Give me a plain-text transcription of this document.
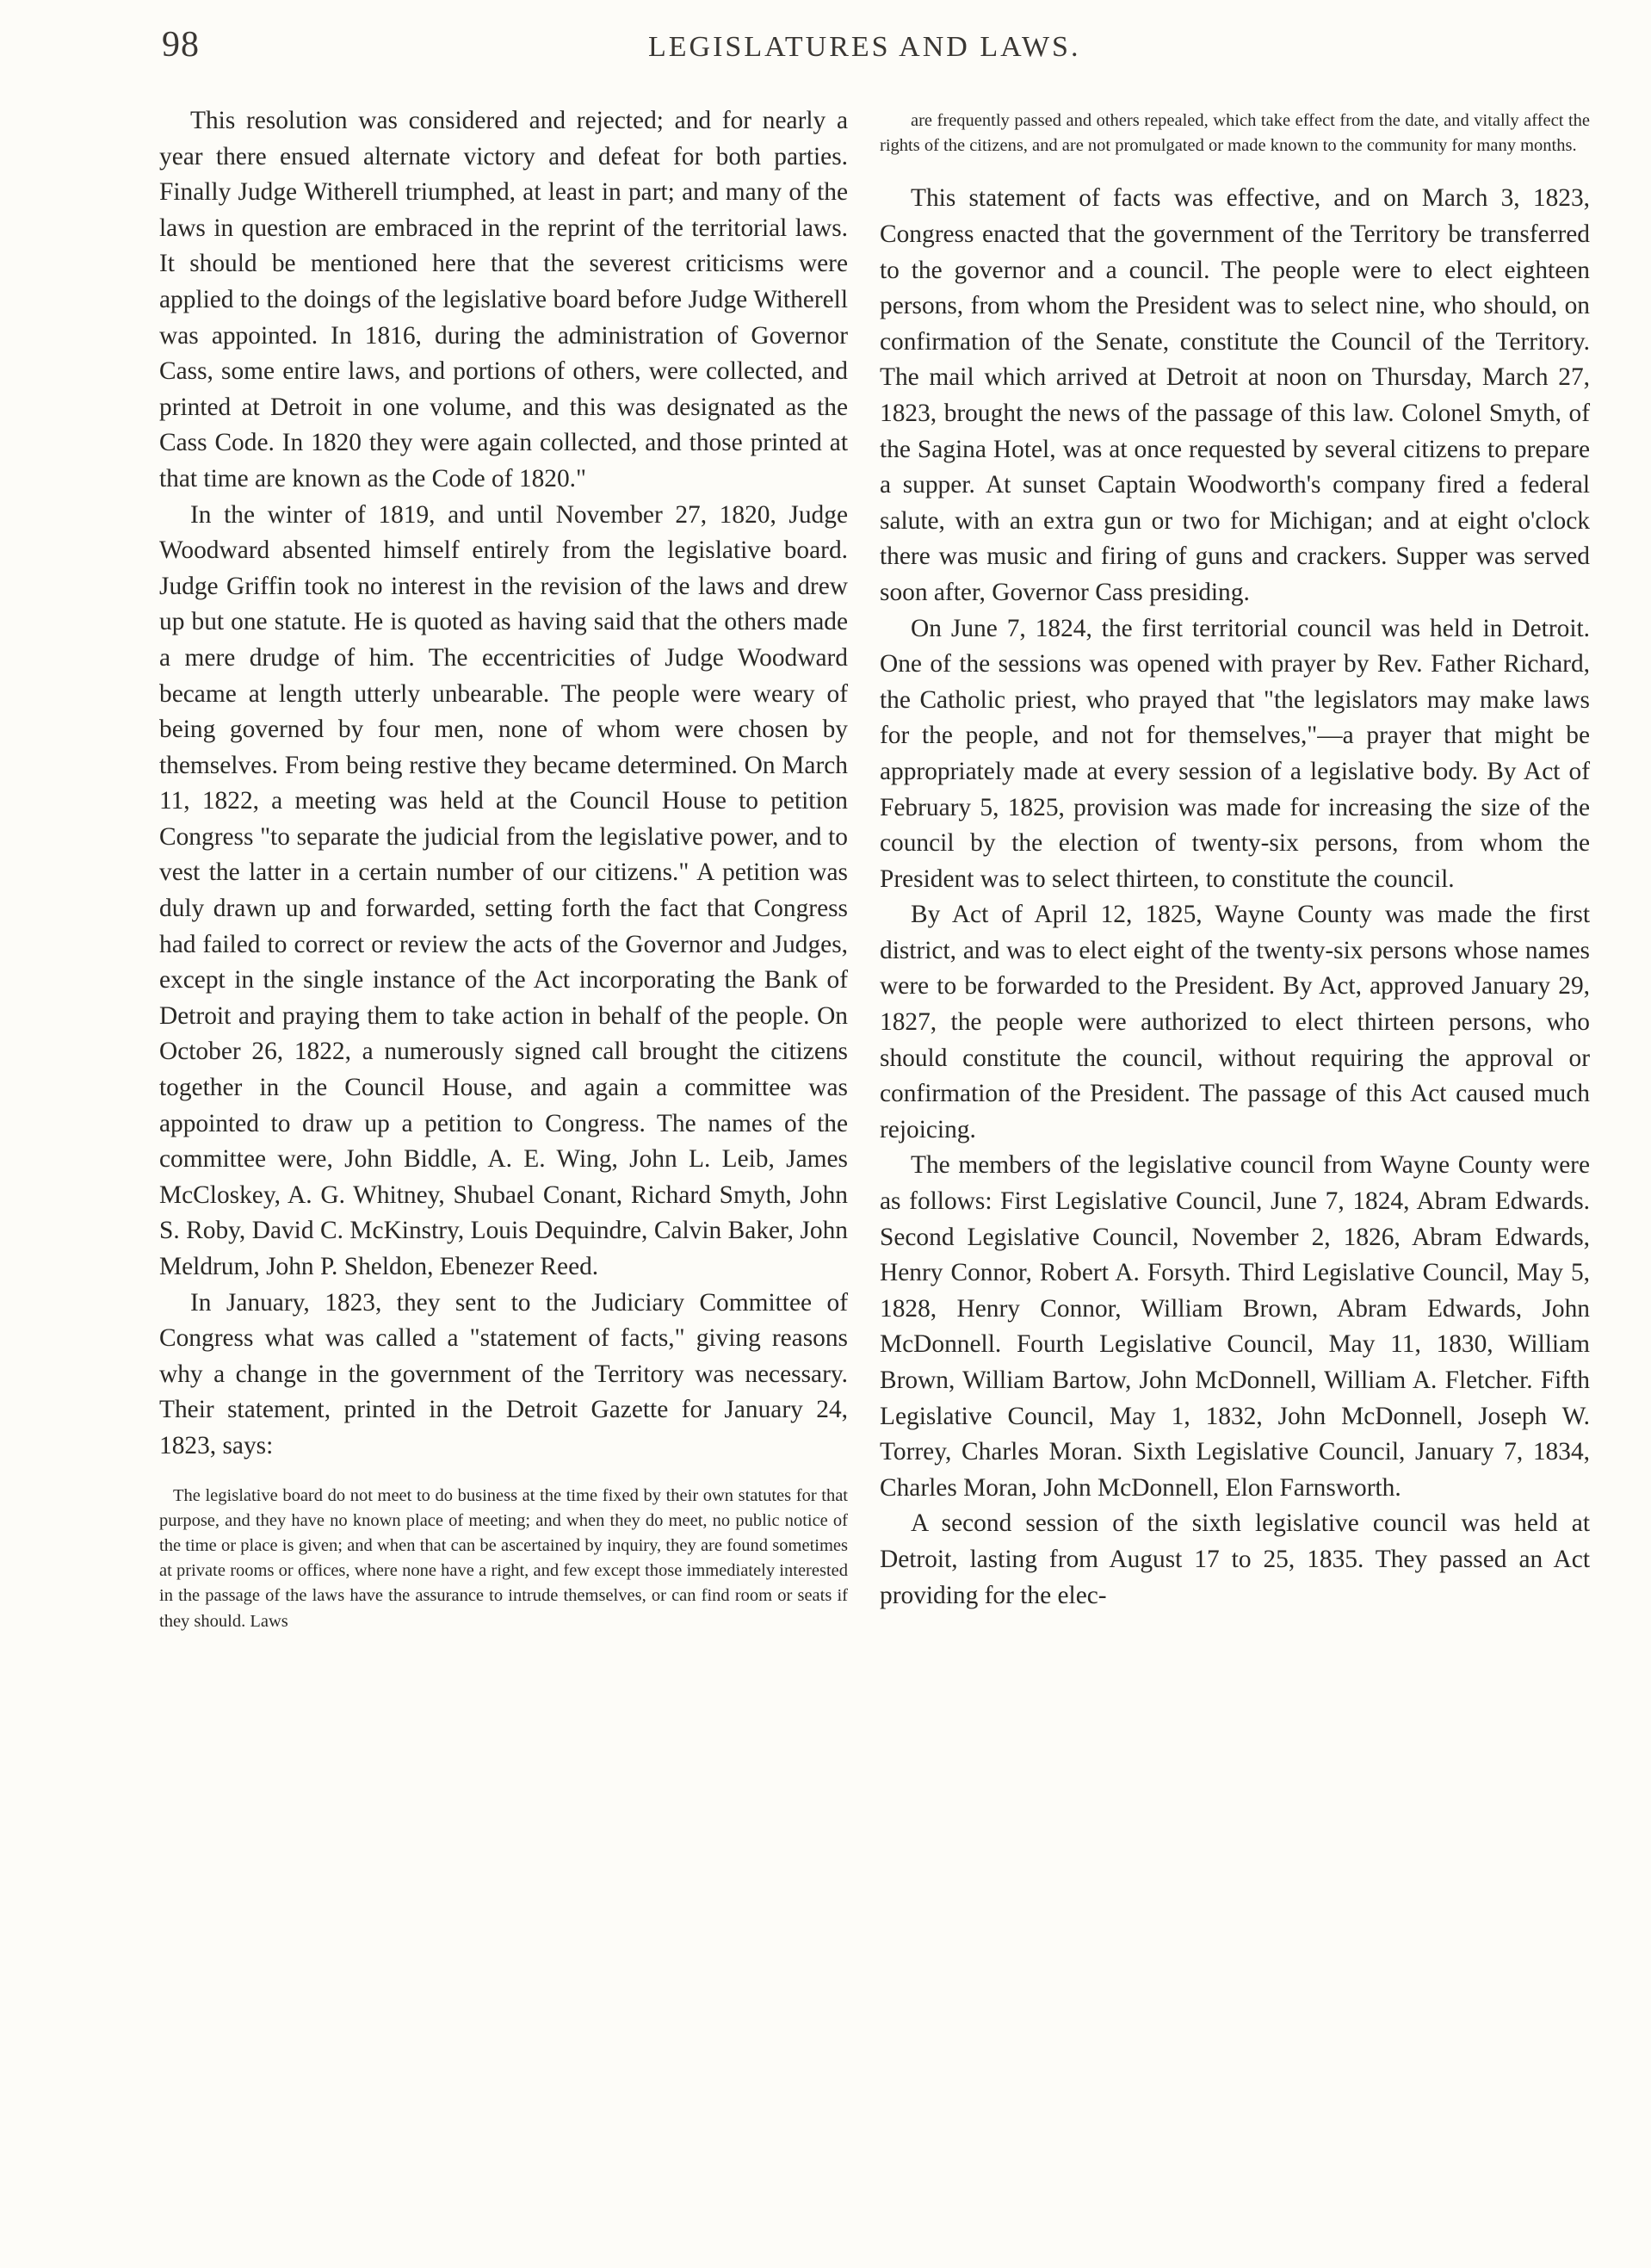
98	LEGISLATURES AND LAWS.

This resolution was considered and rejected; and for nearly a year there ensued alternate victory and defeat for both parties. Finally Judge Witherell triumphed, at least in part; and many of the laws in question are embraced in the reprint of the territorial laws. It should be mentioned here that the severest criticisms were applied to the doings of the legislative board before Judge Witherell was appointed. In 1816, during the administration of Governor Cass, some entire laws, and portions of others, were collected, and printed at Detroit in one volume, and this was designated as the Cass Code. In 1820 they were again collected, and those printed at that time are known as the Code of 1820."

In the winter of 1819, and until November 27, 1820, Judge Woodward absented himself entirely from the legislative board. Judge Griffin took no interest in the revision of the laws and drew up but one statute. He is quoted as having said that the others made a mere drudge of him. The eccentricities of Judge Woodward became at length utterly unbearable. The people were weary of being governed by four men, none of whom were chosen by themselves. From being restive they became determined. On March 11, 1822, a meeting was held at the Council House to petition Congress "to separate the judicial from the legislative power, and to vest the latter in a certain number of our citizens." A petition was duly drawn up and forwarded, setting forth the fact that Congress had failed to correct or review the acts of the Governor and Judges, except in the single instance of the Act incorporating the Bank of Detroit and praying them to take action in behalf of the people. On October 26, 1822, a numerously signed call brought the citizens together in the Council House, and again a committee was appointed to draw up a petition to Congress. The names of the committee were, John Biddle, A. E. Wing, John L. Leib, James McCloskey, A. G. Whitney, Shubael Conant, Richard Smyth, John S. Roby, David C. McKinstry, Louis Dequindre, Calvin Baker, John Meldrum, John P. Sheldon, Ebenezer Reed.

In January, 1823, they sent to the Judiciary Committee of Congress what was called a "statement of facts," giving reasons why a change in the government of the Territory was necessary. Their statement, printed in the Detroit Gazette for January 24, 1823, says:

The legislative board do not meet to do business at the time fixed by their own statutes for that purpose, and they have no known place of meeting; and when they do meet, no public notice of the time or place is given; and when that can be ascertained by inquiry, they are found sometimes at private rooms or offices, where none have a right, and few except those immediately interested in the passage of the laws have the assurance to intrude themselves, or can find room or seats if they should. Laws

are frequently passed and others repealed, which take effect from the date, and vitally affect the rights of the citizens, and are not promulgated or made known to the community for many months.

This statement of facts was effective, and on March 3, 1823, Congress enacted that the government of the Territory be transferred to the governor and a council. The people were to elect eighteen persons, from whom the President was to select nine, who should, on confirmation of the Senate, constitute the Council of the Territory. The mail which arrived at Detroit at noon on Thursday, March 27, 1823, brought the news of the passage of this law. Colonel Smyth, of the Sagina Hotel, was at once requested by several citizens to prepare a supper. At sunset Captain Woodworth's company fired a federal salute, with an extra gun or two for Michigan; and at eight o'clock there was music and firing of guns and crackers. Supper was served soon after, Governor Cass presiding.

On June 7, 1824, the first territorial council was held in Detroit. One of the sessions was opened with prayer by Rev. Father Richard, the Catholic priest, who prayed that "the legislators may make laws for the people, and not for themselves,"—a prayer that might be appropriately made at every session of a legislative body. By Act of February 5, 1825, provision was made for increasing the size of the council by the election of twenty-six persons, from whom the President was to select thirteen, to constitute the council.

By Act of April 12, 1825, Wayne County was made the first district, and was to elect eight of the twenty-six persons whose names were to be forwarded to the President. By Act, approved January 29, 1827, the people were authorized to elect thirteen persons, who should constitute the council, without requiring the approval or confirmation of the President. The passage of this Act caused much rejoicing.

The members of the legislative council from Wayne County were as follows: First Legislative Council, June 7, 1824, Abram Edwards. Second Legislative Council, November 2, 1826, Abram Edwards, Henry Connor, Robert A. Forsyth. Third Legislative Council, May 5, 1828, Henry Connor, William Brown, Abram Edwards, John McDonnell. Fourth Legislative Council, May 11, 1830, William Brown, William Bartow, John McDonnell, William A. Fletcher. Fifth Legislative Council, May 1, 1832, John McDonnell, Joseph W. Torrey, Charles Moran. Sixth Legislative Council, January 7, 1834, Charles Moran, John McDonnell, Elon Farnsworth.

A second session of the sixth legislative council was held at Detroit, lasting from August 17 to 25, 1835. They passed an Act providing for the elec-
